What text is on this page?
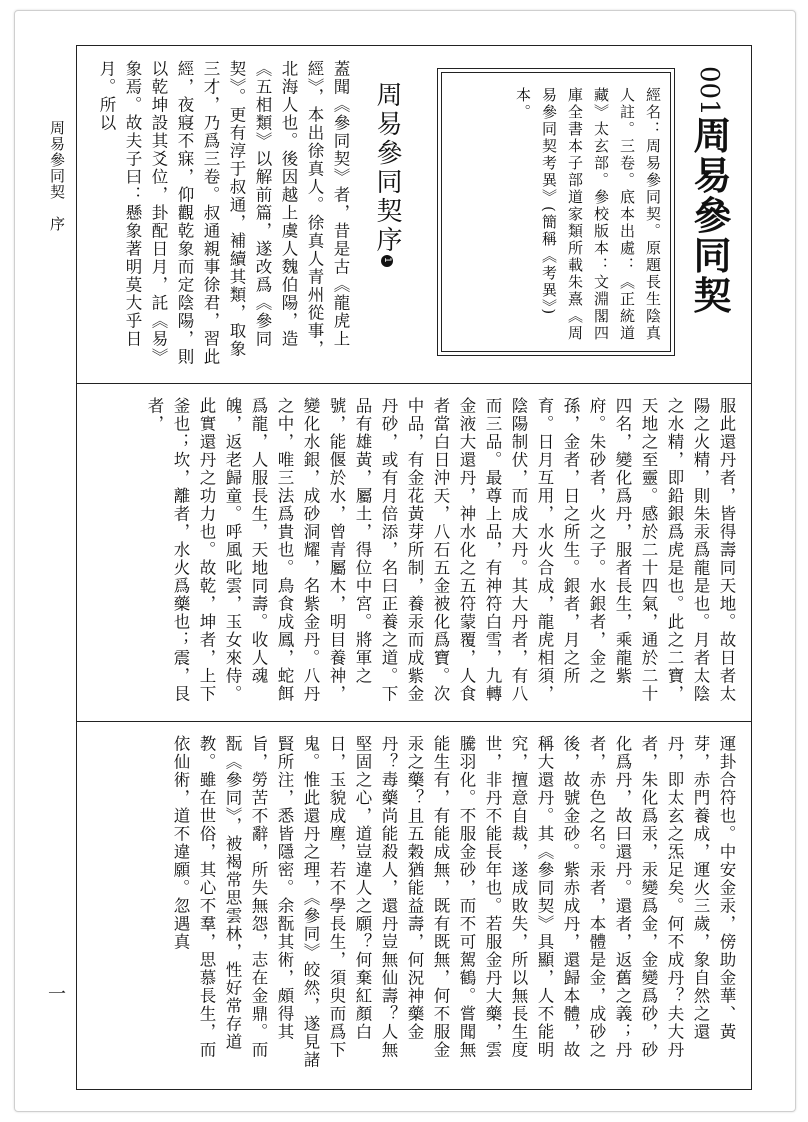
周易參同契　序
一
001周易參同契
經名：周易參同契。原題長生陰真人註。三卷。底本出處：《正統道藏》太玄部。參校版本：文淵閣四庫全書本子部道家類所載朱熹《周易參同契考異》(簡稱《考異》)本。
周易參同契序1
蓋聞《參同契》者，昔是古《龍虎上經》，本出徐真人。徐真人青州從事，北海人也。後因越上虞人魏伯陽，造《五相類》以解前篇，遂改爲《參同契》。更有淳于叔通，補續其類，取象三才，乃爲三卷。叔通親事徐君，習此經，夜寢不寐，仰觀乾象而定陰陽，則以乾坤設其爻位，卦配日月，託《易》象焉。故夫子曰：懸象著明莫大乎日月。所以
服此還丹者，皆得壽同天地。故日者太陽之火精，則朱汞爲龍是也。月者太陰之水精，即鉛銀爲虎是也。此之二寶，天地之至靈。感於二十四氣，通於二十四名，變化爲丹，服者長生，乘龍紫府。朱砂者，火之子。水銀者，金之孫，金者，日之所生。銀者，月之所育。日月互用，水火合成，龍虎相須，陰陽制伏，而成大丹。其大丹者，有八而三品。最尊上品，有神符白雪，九轉金液大還丹，神水化之五符蒙覆，人食者當白日沖天，八石五金被化爲寶。次中品，有金花黃芽所制，養汞而成紫金丹砂，或有月倍添，名曰正養之道。下品有雄黃，屬土，得位中宮。將軍之號，能偃於水，曾青屬木，明目養神，變化水銀，成砂洞耀，名紫金丹。八丹之中，唯三法爲貴也。鳥食成鳳，蛇餌爲龍，人服長生，天地同壽。收人魂魄，返老歸童。呼風叱雲，玉女來侍。此實還丹之功力也。故乾，坤者，上下釜也；坎，離者，水火爲藥也；震，艮者，
運卦合符也。中安金汞，傍助金華、黃芽，赤門養成，運火三歲，象自然之還丹，即太玄之炁足矣。何不成丹？夫大丹者，朱化爲汞，汞變爲金，金變爲砂，砂化爲丹，故曰還丹。還者，返舊之義；丹者，赤色之名。汞者，本體是金，成砂之後，故號金砂。紫赤成丹，還歸本體，故稱大還丹。其《參同契》具顯，人不能明究，擅意自裁，遂成敗失，所以無長生度世，非丹不能長年也。若服金丹大藥，雲騰羽化。不服金砂，而不可駕鶴。嘗聞無能生有，有能成無，既有既無，何不服金汞之藥？且五穀猶能益壽，何況神藥金丹？毒藥尚能殺人，還丹豈無仙壽？人無堅固之心，道豈違人之願？何棄紅顏白日，玉貌成塵，若不學長生，須臾而爲下鬼。惟此還丹之理，《參同》皎然，遂見諸賢所注，悉皆隱密。余翫其術，頗得其旨，勞苦不辭，所失無怨，志在金鼎。而翫《參同》，被褐常思雲林，性好常存道教。雖在世俗，其心不羣，思慕長生，而依仙術，道不違願。忽遇真
